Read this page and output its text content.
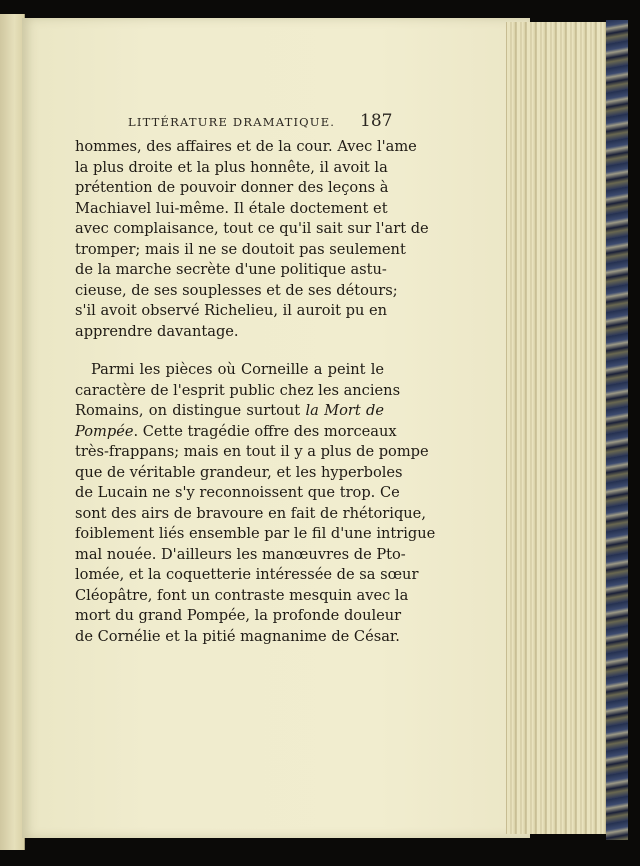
LITTÉRATURE DRAMATIQUE. 187
hommes, des affaires et de la cour. Avec l'ame
la plus droite et la plus honnête, il avoit la
prétention de pouvoir donner des leçons à
Machiavel lui-même. Il étale doctement et
avec complaisance, tout ce qu'il sait sur l'art de
tromper; mais il ne se doutoit pas seulement
de la marche secrète d'une politique astu-
cieuse, de ses souplesses et de ses détours;
s'il avoit observé Richelieu, il auroit pu en
apprendre davantage.
Parmi les pièces où Corneille a peint le
caractère de l'esprit public chez les anciens
Romains, on distingue surtout la Mort de
Pompée. Cette tragédie offre des morceaux
très-frappans; mais en tout il y a plus de pompe
que de véritable grandeur, et les hyperboles
de Lucain ne s'y reconnoissent que trop. Ce
sont des airs de bravoure en fait de rhétorique,
foiblement liés ensemble par le fil d'une intrigue
mal nouée. D'ailleurs les manœuvres de Pto-
lomée, et la coquetterie intéressée de sa sœur
Cléopâtre, font un contraste mesquin avec la
mort du grand Pompée, la profonde douleur
de Cornélie et la pitié magnanime de César.
